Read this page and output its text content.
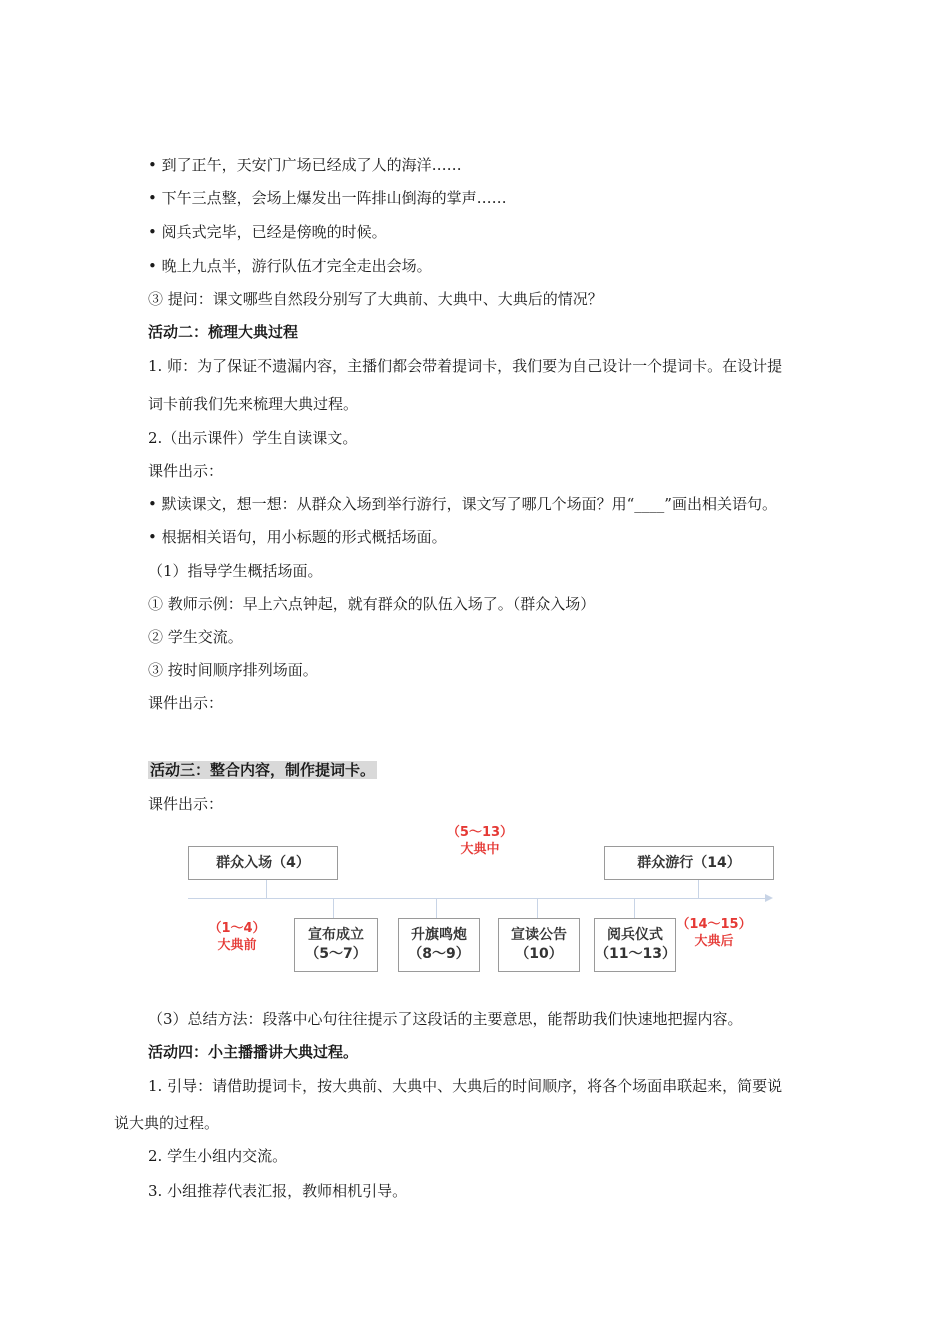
• 到了正午，天安门广场已经成了人的海洋……
• 下午三点整，会场上爆发出一阵排山倒海的掌声……
• 阅兵式完毕，已经是傍晚的时候。
• 晚上九点半，游行队伍才完全走出会场。
③ 提问：课文哪些自然段分别写了大典前、大典中、大典后的情况？
活动二：梳理大典过程
1. 师：为了保证不遗漏内容，主播们都会带着提词卡，我们要为自己设计一个提词卡。在设计提
词卡前我们先来梳理大典过程。
2.（出示课件）学生自读课文。
课件出示：
• 默读课文，想一想：从群众入场到举行游行，课文写了哪几个场面？用“____”画出相关语句。
• 根据相关语句，用小标题的形式概括场面。
（1）指导学生概括场面。
① 教师示例：早上六点钟起，就有群众的队伍入场了。（群众入场）
② 学生交流。
③ 按时间顺序排列场面。
课件出示：
活动三：整合内容，制作提词卡。
课件出示：
（5～13）
大典中
群众入场（4）	群众游行（14）
（1～4）
大典前
宣布成立
（5～7）
升旗鸣炮
（8～9）
宣读公告
（10）
阅兵仪式
（11～13）
（14～15）
大典后
（3）总结方法：段落中心句往往提示了这段话的主要意思，能帮助我们快速地把握内容。
活动四：小主播播讲大典过程。
1. 引导：请借助提词卡，按大典前、大典中、大典后的时间顺序，将各个场面串联起来，简要说
说大典的过程。
2. 学生小组内交流。
3. 小组推荐代表汇报，教师相机引导。
